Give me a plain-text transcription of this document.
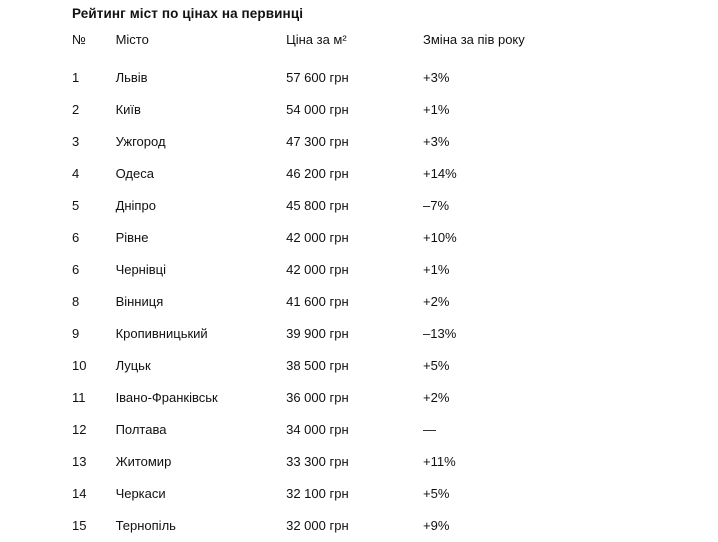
Рейтинг міст по цінах на первинці
№	Місто	Ціна за м²	Зміна за пів року
1	Львів	57 600 грн	+3%
2	Київ	54 000 грн	+1%
3	Ужгород	47 300 грн	+3%
4	Одеса	46 200 грн	+14%
5	Дніпро	45 800 грн	–7%
6	Рівне	42 000 грн	+10%
6	Чернівці	42 000 грн	+1%
8	Вінниця	41 600 грн	+2%
9	Кропивницький	39 900 грн	–13%
10	Луцьк	38 500 грн	+5%
11	Івано-Франківськ	36 000 грн	+2%
12	Полтава	34 000 грн	—
13	Житомир	33 300 грн	+11%
14	Черкаси	32 100 грн	+5%
15	Тернопіль	32 000 грн	+9%
